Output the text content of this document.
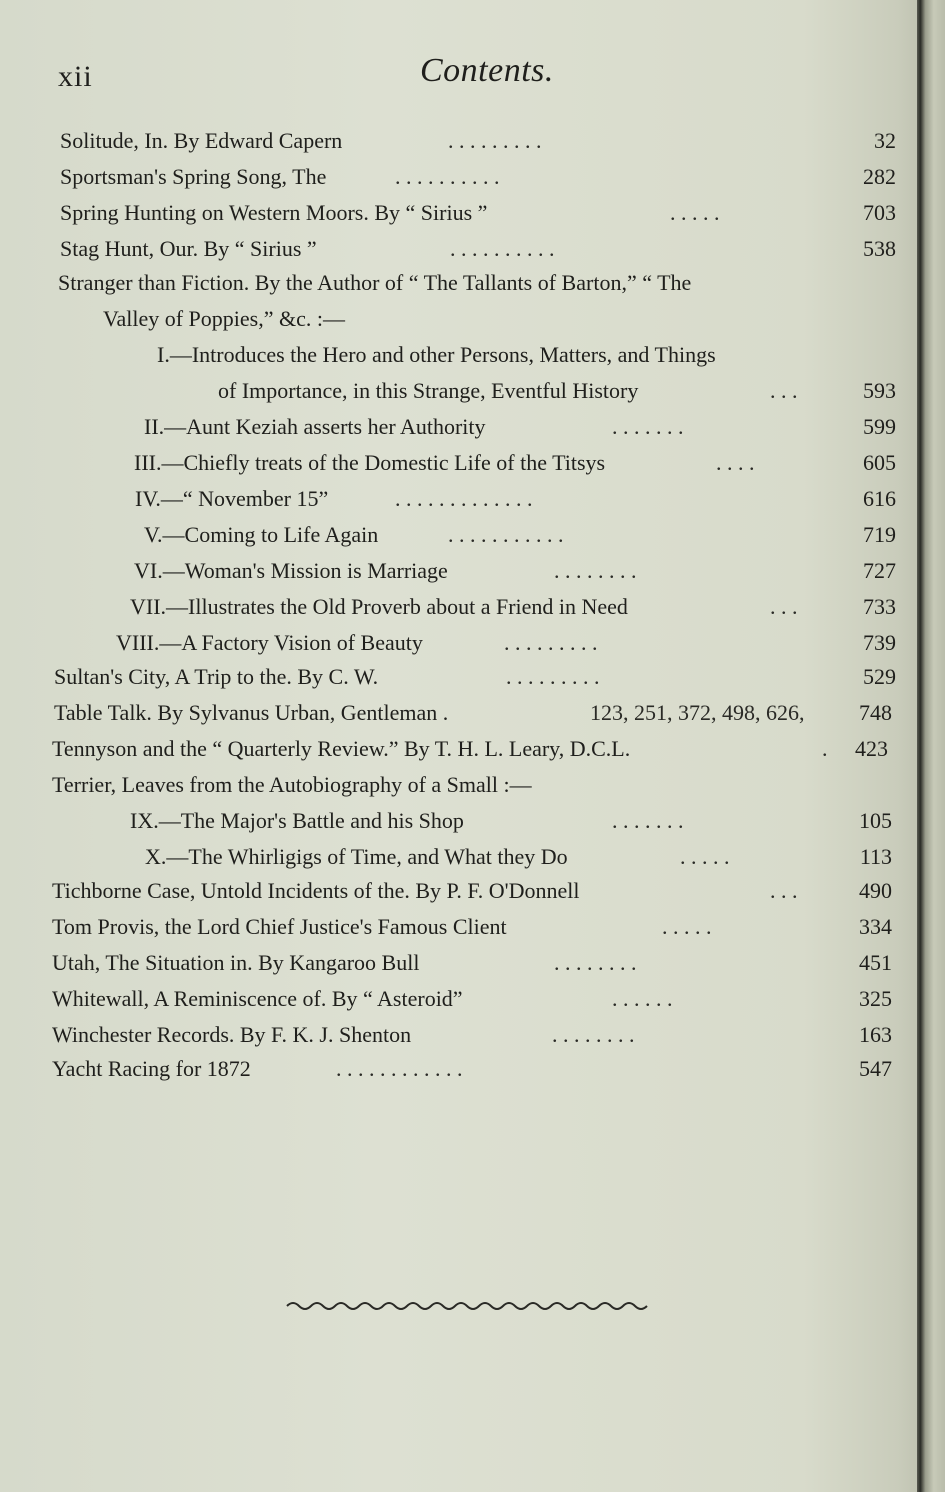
xii	Contents.
Solitude, In. By Edward Capern	. . . . . . . . .	32
Sportsman's Spring Song, The	. . . . . . . . . .	282
Spring Hunting on Western Moors. By “ Sirius ”	. . . . .	703
Stag Hunt, Our. By “ Sirius ”	. . . . . . . . . .	538
Stranger than Fiction. By the Author of “ The Tallants of Barton,” “ The
Valley of Poppies,” &c. :—
I.—Introduces the Hero and other Persons, Matters, and Things
of Importance, in this Strange, Eventful History	. . .	593
II.—Aunt Keziah asserts her Authority	. . . . . . .	599
III.—Chiefly treats of the Domestic Life of the Titsys	. . . .	605
IV.—“ November 15”	. . . . . . . . . . . . .	616
V.—Coming to Life Again	. . . . . . . . . . .	719
VI.—Woman's Mission is Marriage	. . . . . . . .	727
VII.—Illustrates the Old Proverb about a Friend in Need	. . .	733
VIII.—A Factory Vision of Beauty	. . . . . . . . .	739
Sultan's City, A Trip to the. By C. W.	. . . . . . . . .	529
Table Talk. By Sylvanus Urban, Gentleman .	123, 251, 372, 498, 626,	748
Tennyson and the “ Quarterly Review.” By T. H. L. Leary, D.C.L.	.	423
Terrier, Leaves from the Autobiography of a Small :—
IX.—The Major's Battle and his Shop	. . . . . . .	105
X.—The Whirligigs of Time, and What they Do	. . . . .	113
Tichborne Case, Untold Incidents of the. By P. F. O'Donnell	. . .	490
Tom Provis, the Lord Chief Justice's Famous Client	. . . . .	334
Utah, The Situation in. By Kangaroo Bull	. . . . . . . .	451
Whitewall, A Reminiscence of. By “ Asteroid”	. . . . . .	325
Winchester Records. By F. K. J. Shenton	. . . . . . . .	163
Yacht Racing for 1872	. . . . . . . . . . . .	547
